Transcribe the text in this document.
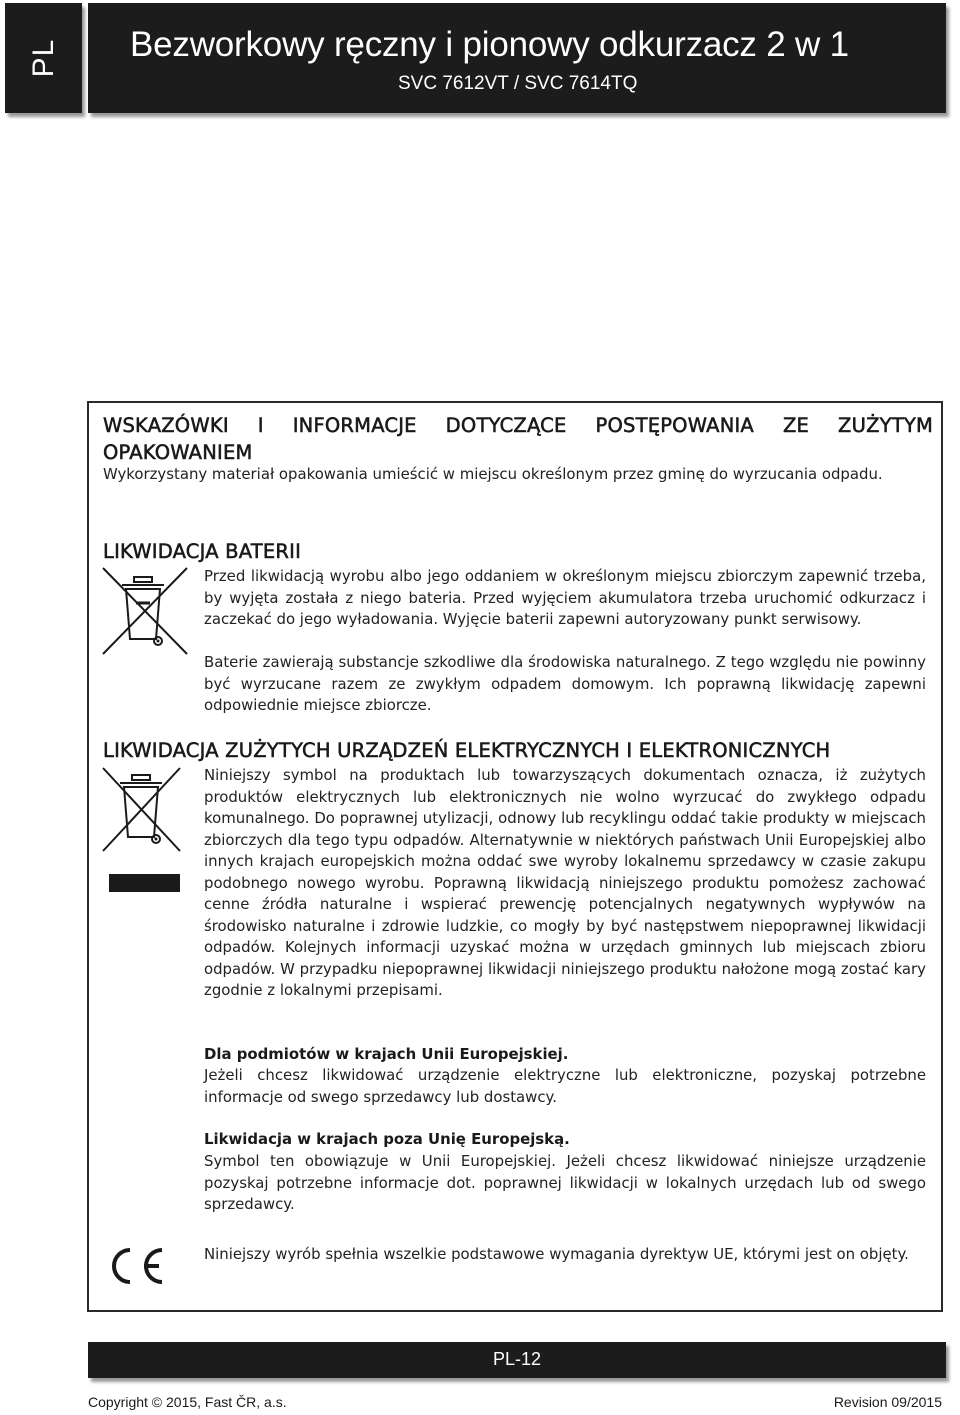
PL Bezworkowy ręczny i pionowy odkurzacz 2 w 1
SVC 7612VT / SVC 7614TQ
WSKAZÓWKI I INFORMACJE DOTYCZĄCE POSTĘPOWANIA ZE ZUŻYTYM
OPAKOWANIEM

Wykorzystany materiał opakowania umieścić w miejscu określonym przez gminę do wyrzucania odpadu.

LIKWIDACJA BATERII

Przed likwidacją wyrobu albo jego oddaniem w określonym miejscu zbiorczym zapewnić trzeba, by wyjęta została z niego bateria. Przed wyjęciem akumulatora trzeba uruchomić odkurzacz i zaczekać do jego wyładowania. Wyjęcie baterii zapewni autoryzowany punkt serwisowy.

Baterie zawierają substancje szkodliwe dla środowiska naturalnego. Z tego względu nie powinny być wyrzucane razem ze zwykłym odpadem domowym. Ich poprawną likwidację zapewni odpowiednie miejsce zbiorcze.

LIKWIDACJA ZUŻYTYCH URZĄDZEŃ ELEKTRYCZNYCH I ELEKTRONICZNYCH

Niniejszy symbol na produktach lub towarzyszących dokumentach oznacza, iż zużytych produktów elektrycznych lub elektronicznych nie wolno wyrzucać do zwykłego odpadu komunalnego. Do poprawnej utylizacji, odnowy lub recyklingu oddać takie produkty w miejscach zbiorczych dla tego typu odpadów. Alternatywnie w niektórych państwach Unii Europejskiej albo innych krajach europejskich można oddać swe wyroby lokalnemu sprzedawcy w czasie zakupu podobnego nowego wyrobu. Poprawną likwidacją niniejszego produktu pomożesz zachować cenne źródła naturalne i wspierać prewencję potencjalnych negatywnych wypływów na środowisko naturalne i zdrowie ludzkie, co mogły by być następstwem niepoprawnej likwidacji odpadów. Kolejnych informacji uzyskać można w urzędach gminnych lub miejscach zbioru odpadów. W przypadku niepoprawnej likwidacji niniejszego produktu nałożone mogą zostać kary zgodnie z lokalnymi przepisami.

Dla podmiotów w krajach Unii Europejskiej.

Jeżeli chcesz likwidować urządzenie elektryczne lub elektroniczne, pozyskaj potrzebne informacje od swego sprzedawcy lub dostawcy.

Likwidacja w krajach poza Unię Europejską.

Symbol ten obowiązuje w Unii Europejskiej. Jeżeli chcesz likwidować niniejsze urządzenie pozyskaj potrzebne informacje dot. poprawnej likwidacji w lokalnych urzędach lub od swego sprzedawcy.

Niniejszy wyrób spełnia wszelkie podstawowe wymagania dyrektyw UE, którymi jest on objęty.

PL-12
Copyright © 2015, Fast ČR, a.s.	Revision 09/2015
